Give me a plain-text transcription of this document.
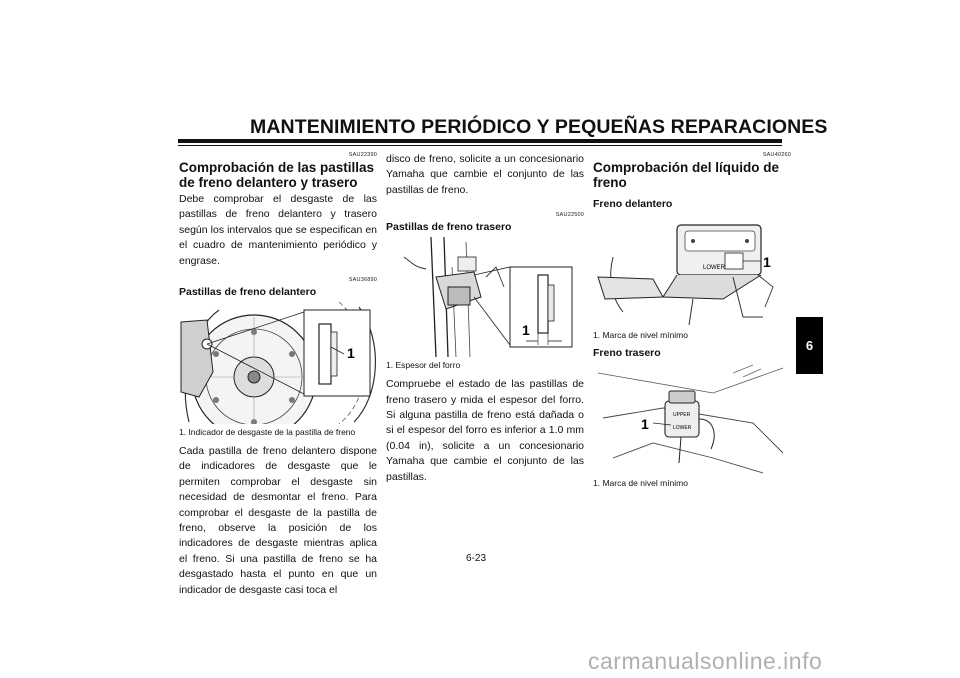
MANTENIMIENTO PERIÓDICO Y PEQUEÑAS REPARACIONES
SAU22390
Comprobación de las pastillas de freno delantero y trasero

Debe comprobar el desgaste de las pastillas de freno delantero y trasero según los intervalos que se especifican en el cuadro de mantenimiento periódico y engrase.

SAU36890
Pastillas de freno delantero
1
1. Indicador de desgaste de la pastilla de freno

Cada pastilla de freno delantero dispone de indicadores de desgaste que le permiten comprobar el desgaste sin necesidad de desmontar el freno. Para comprobar el desgaste de la pastilla de freno, observe la posición de los indicadores de desgaste mientras aplica el freno. Si una pastilla de freno se ha desgastado hasta el punto en que un indicador de desgaste casi toca el

disco de freno, solicite a un concesionario Yamaha que cambie el conjunto de las pastillas de freno.

SAU22500
Pastillas de freno trasero
1
1. Espesor del forro

Compruebe el estado de las pastillas de freno trasero y mida el espesor del forro. Si alguna pastilla de freno está dañada o si el espesor del forro es inferior a 1.0 mm (0.04 in), solicite a un concesionario Yamaha que cambie el conjunto de las pastillas.

SAU40260
Comprobación del líquido de freno
Freno delantero
LOWER	1
1. Marca de nivel mínimo
Freno trasero
UPPER
LOWER
1
1. Marca de nivel mínimo
6
6-23
carmanualsonline.info
